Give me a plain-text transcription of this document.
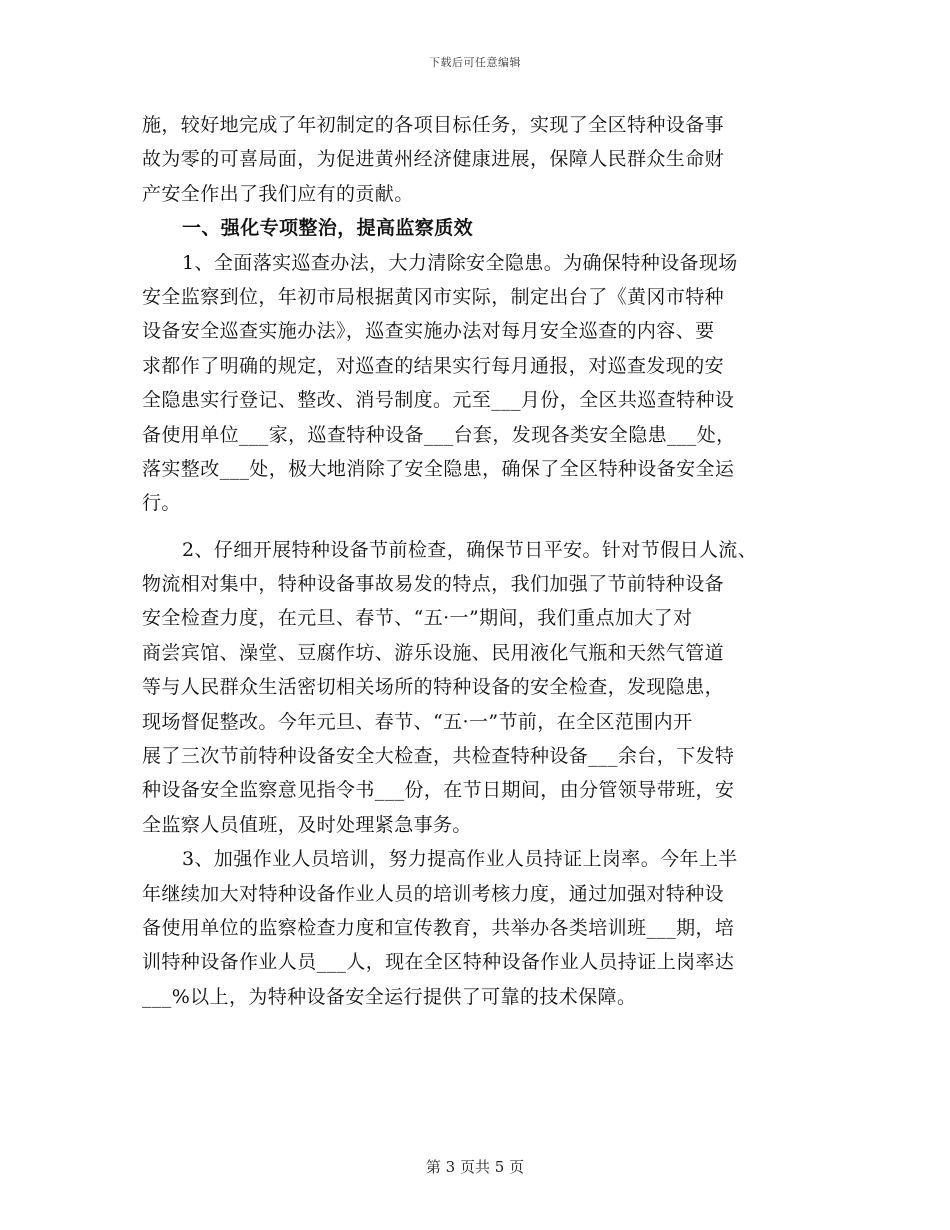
下载后可任意编辑
施，较好地完成了年初制定的各项目标任务，实现了全区特种设备事
故为零的可喜局面，为促进黄州经济健康进展，保障人民群众生命财
产安全作出了我们应有的贡献。
一、强化专项整治，提高监察质效
1、全面落实巡查办法，大力清除安全隐患。为确保特种设备现场
安全监察到位，年初市局根据黄冈市实际，制定出台了《黄冈市特种
设备安全巡查实施办法》，巡查实施办法对每月安全巡查的内容、要
求都作了明确的规定，对巡查的结果实行每月通报，对巡查发现的安
全隐患实行登记、整改、消号制度。元至___月份，全区共巡查特种设
备使用单位___家，巡查特种设备___台套，发现各类安全隐患___处，
落实整改___处，极大地消除了安全隐患，确保了全区特种设备安全运
行。
2、仔细开展特种设备节前检查，确保节日平安。针对节假日人流、
物流相对集中，特种设备事故易发的特点，我们加强了节前特种设备
安全检查力度，在元旦、春节、“五·一”期间，我们重点加大了对
商尝宾馆、澡堂、豆腐作坊、游乐设施、民用液化气瓶和天然气管道
等与人民群众生活密切相关场所的特种设备的安全检查，发现隐患，
现场督促整改。今年元旦、春节、“五·一”节前，在全区范围内开
展了三次节前特种设备安全大检查，共检查特种设备___余台，下发特
种设备安全监察意见指令书___份，在节日期间，由分管领导带班，安
全监察人员值班，及时处理紧急事务。
3、加强作业人员培训，努力提高作业人员持证上岗率。今年上半
年继续加大对特种设备作业人员的培训考核力度，通过加强对特种设
备使用单位的监察检查力度和宣传教育，共举办各类培训班___期，培
训特种设备作业人员___人，现在全区特种设备作业人员持证上岗率达
___%以上，为特种设备安全运行提供了可靠的技术保障。
第 3 页共 5 页
